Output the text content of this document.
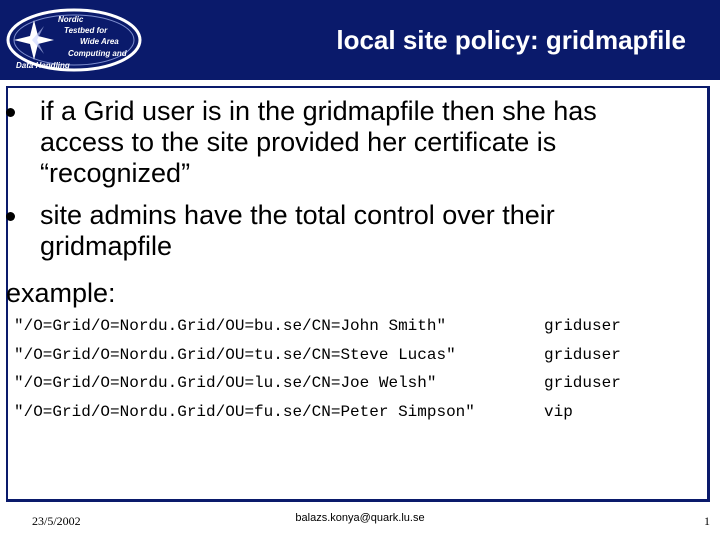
Nordic
Testbed for
Wide Area
Computing and
Data Handling
local site policy: gridmapfile
if a Grid user is in the gridmapfile then she has access to the site provided her certificate is “recognized”
site admins have the total control over their gridmapfile
example:
"/O=Grid/O=Nordu.Grid/OU=bu.se/CN=John Smith"	griduser
"/O=Grid/O=Nordu.Grid/OU=tu.se/CN=Steve Lucas"	griduser
"/O=Grid/O=Nordu.Grid/OU=lu.se/CN=Joe Welsh"	griduser
"/O=Grid/O=Nordu.Grid/OU=fu.se/CN=Peter Simpson"	vip
23/5/2002	balazs.konya@quark.lu.se	1
